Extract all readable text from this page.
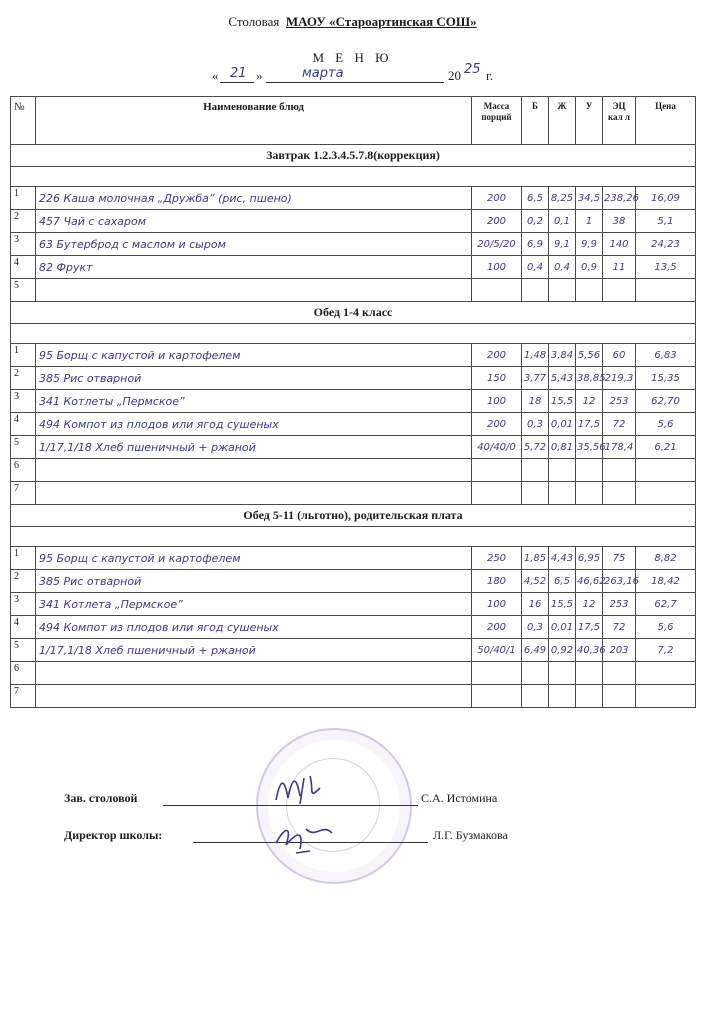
Столовая МАОУ «Староартинская СОШ»
М Е Н Ю
« 21 »	марта	20 25 г.
№	Наименование блюд	Масса порций	Б	Ж	У	ЭЦ кал л	Цена
Завтрак 1.2.3.4.5.7.8(коррекция)							

1	226 Каша молочная „Дружба” (рис, пшено)	200	6,5	8,25	34,5	238,26	16,09
2	457 Чай с сахаром	200	0,2	0,1	1	38	5,1
3	63 Бутерброд с маслом и сыром	20/5/20	6,9	9,1	9,9	140	24,23
4	82 Фрукт	100	0,4	0,4	0,9	11	13,5
5							
Обед 1-4 класс							

1	95 Борщ с капустой и картофелем	200	1,48	3,84	5,56	60	6,83
2	385 Рис отварной	150	3,77	5,43	38,85	219,3	15,35
3	341 Котлеты „Пермское”	100	18	15,5	12	253	62,70
4	494 Компот из плодов или ягод сушеных	200	0,3	0,01	17,5	72	5,6
5	1/17,1/18 Хлеб пшеничный + ржаной	40/40/0	5,72	0,81	35,56	178,4	6,21
6							
7							
Обед 5-11 (льготно), родительская плата							

1	95 Борщ с капустой и картофелем	250	1,85	4,43	6,95	75	8,82
2	385 Рис отварной	180	4,52	6,5	46,62	263,16	18,42
3	341 Котлета „Пермское”	100	16	15,5	12	253	62,7
4	494 Компот из плодов или ягод сушеных	200	0,3	0,01	17,5	72	5,6
5	1/17,1/18 Хлеб пшеничный + ржаной	50/40/1	6,49	0,92	40,36	203	7,2
6							
7							
Зав. столовой	С.А. Истомина
Директор школы:	Л.Г. Бузмакова
